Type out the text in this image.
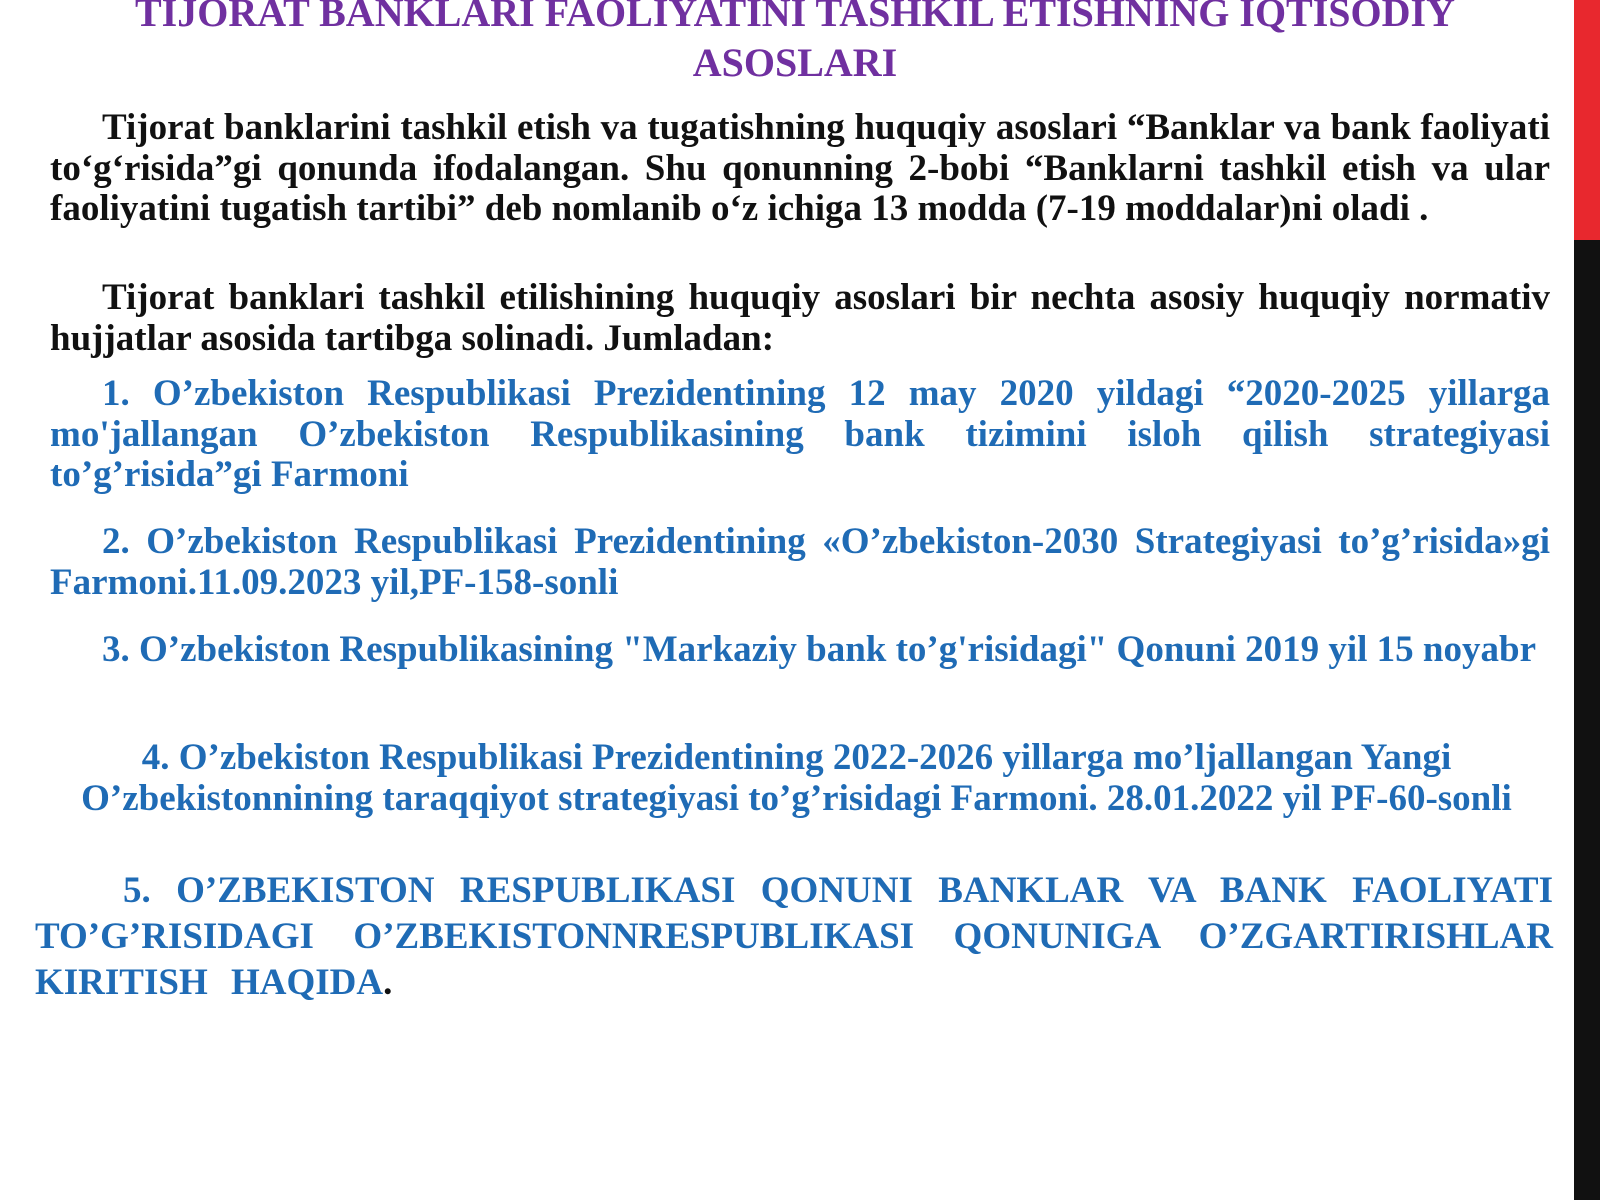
TIJORAT BANKLARI FAOLIYATINI TASHKIL ETISHNING IQTISODIY
ASOSLARI

Tijorat banklarini tashkil etish va tugatishning huquqiy asoslari “Banklar va bank faoliyati to‘g‘risida”gi qonunda ifodalangan. Shu qonunning 2-bobi “Banklarni tashkil etish va ular faoliyatini tugatish tartibi” deb nomlanib o‘z ichiga 13 modda (7-19 moddalar)ni oladi .

Tijorat banklari tashkil etilishining huquqiy asoslari bir nechta asosiy huquqiy normativ hujjatlar asosida tartibga solinadi. Jumladan:

1. O’zbekiston Respublikasi Prezidentining 12 may 2020 yildagi “2020-2025 yillarga mo'jallangan O’zbekiston Respublikasining bank tizimini isloh qilish strategiyasi to’g’risida”gi Farmoni

2. O’zbekiston Respublikasi Prezidentining «O’zbekiston-2030 Strategiyasi to’g’risida»gi Farmoni.11.09.2023 yil,PF-158-sonli

3. O’zbekiston Respublikasining "Markaziy bank to’g'risidagi" Qonuni 2019 yil 15 noyabr

4. O’zbekiston Respublikasi Prezidentining 2022-2026 yillarga mo’ljallangan Yangi O’zbekistonnining taraqqiyot strategiyasi to’g’risidagi Farmoni. 28.01.2022 yil PF-60-sonli

5. O’ZBEKISTON RESPUBLIKASI QONUNI BANKLAR VA BANK FAOLIYATI TO’G’RISIDAGI O’ZBEKISTONNRESPUBLIKASI QONUNIGA O’ZGARTIRISHLAR KIRITISH HAQIDA.
